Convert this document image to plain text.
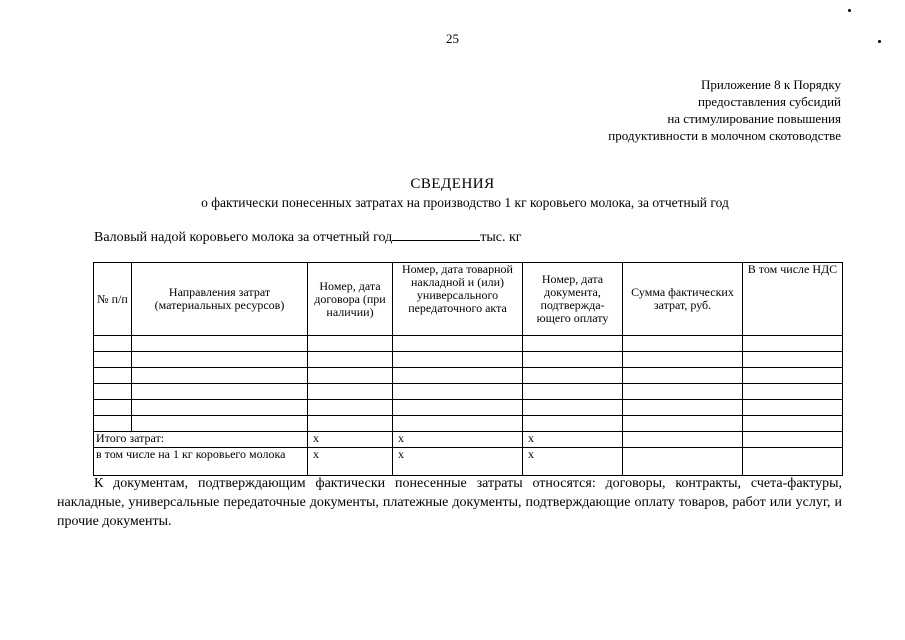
25
Приложение 8 к Порядку
предоставления субсидий
на стимулирование повышения
продуктивности в молочном скотоводстве
СВЕДЕНИЯ
о фактически понесенных затратах на производство 1 кг коровьего молока, за отчетный год
Валовый надой коровьего молока за отчетный год	тыс. кг
№ п/п	Направления затрат (материальных ресурсов)	Номер, дата договора (при наличии)	Номер, дата товарной накладной и (или) универсального передаточного акта	Номер, дата документа, подтвержда-ющего оплату	Сумма фактических затрат, руб.	В том числе НДС

Итого затрат:		x	x	x		
в том числе на 1 кг коровьего молока		x	x	x		
К документам, подтверждающим фактически понесенные затраты относятся: договоры, контракты, счета-фактуры, накладные, универсальные передаточные документы, платежные документы, подтверждающие оплату товаров, работ или услуг, и прочие документы.
